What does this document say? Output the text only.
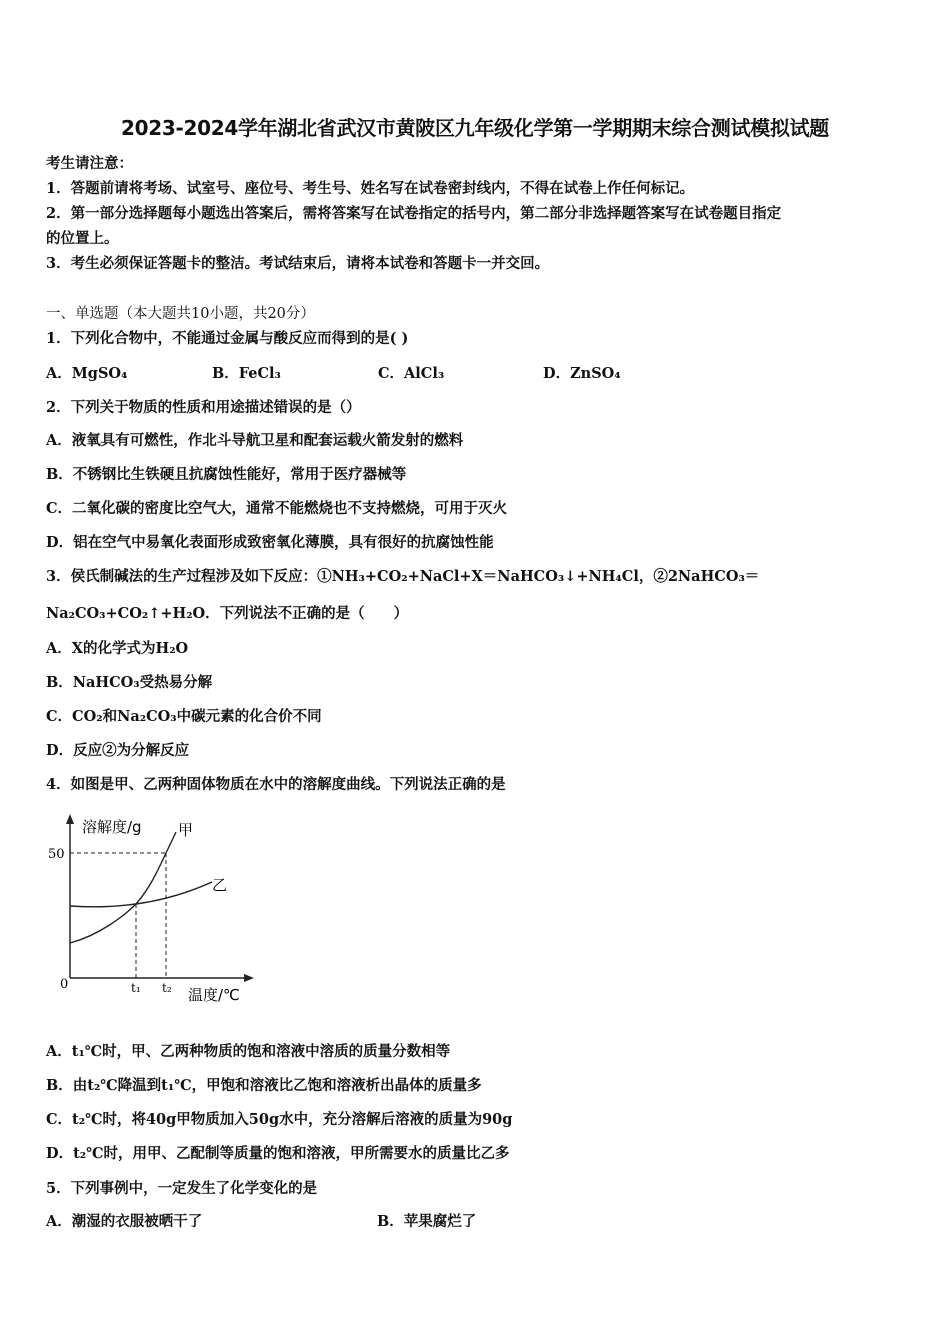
2023-2024学年湖北省武汉市黄陂区九年级化学第一学期期末综合测试模拟试题
考生请注意：
1．答题前请将考场、试室号、座位号、考生号、姓名写在试卷密封线内，不得在试卷上作任何标记。
2．第一部分选择题每小题选出答案后，需将答案写在试卷指定的括号内，第二部分非选择题答案写在试卷题目指定
的位置上。
3．考生必须保证答题卡的整洁。考试结束后，请将本试卷和答题卡一并交回。
一、单选题（本大题共10小题，共20分）
1．下列化合物中，不能通过金属与酸反应而得到的是( )
A．MgSO₄	B．FeCl₃	C．AlCl₃	D．ZnSO₄
2．下列关于物质的性质和用途描述错误的是（）
A．液氧具有可燃性，作北斗导航卫星和配套运载火箭发射的燃料
B．不锈钢比生铁硬且抗腐蚀性能好，常用于医疗器械等
C．二氧化碳的密度比空气大，通常不能燃烧也不支持燃烧，可用于灭火
D．铝在空气中易氧化表面形成致密氧化薄膜，具有很好的抗腐蚀性能
3．侯氏制碱法的生产过程涉及如下反应：①NH₃+CO₂+NaCl+X＝NaHCO₃↓+NH₄Cl，②2NaHCO₃＝
Na₂CO₃+CO₂↑+H₂O．下列说法不正确的是（　　）
A．X的化学式为H₂O
B．NaHCO₃受热易分解
C．CO₂和Na₂CO₃中碳元素的化合价不同
D．反应②为分解反应
4．如图是甲、乙两种固体物质在水中的溶解度曲线。下列说法正确的是
溶解度/g 甲
乙
50
0	t₁ t₂ 温度/℃
A．t₁℃时，甲、乙两种物质的饱和溶液中溶质的质量分数相等
B．由t₂℃降温到t₁℃，甲饱和溶液比乙饱和溶液析出晶体的质量多
C．t₂℃时，将40g甲物质加入50g水中，充分溶解后溶液的质量为90g
D．t₂℃时，用甲、乙配制等质量的饱和溶液，甲所需要水的质量比乙多
5．下列事例中，一定发生了化学变化的是
A．潮湿的衣服被晒干了	B．苹果腐烂了
